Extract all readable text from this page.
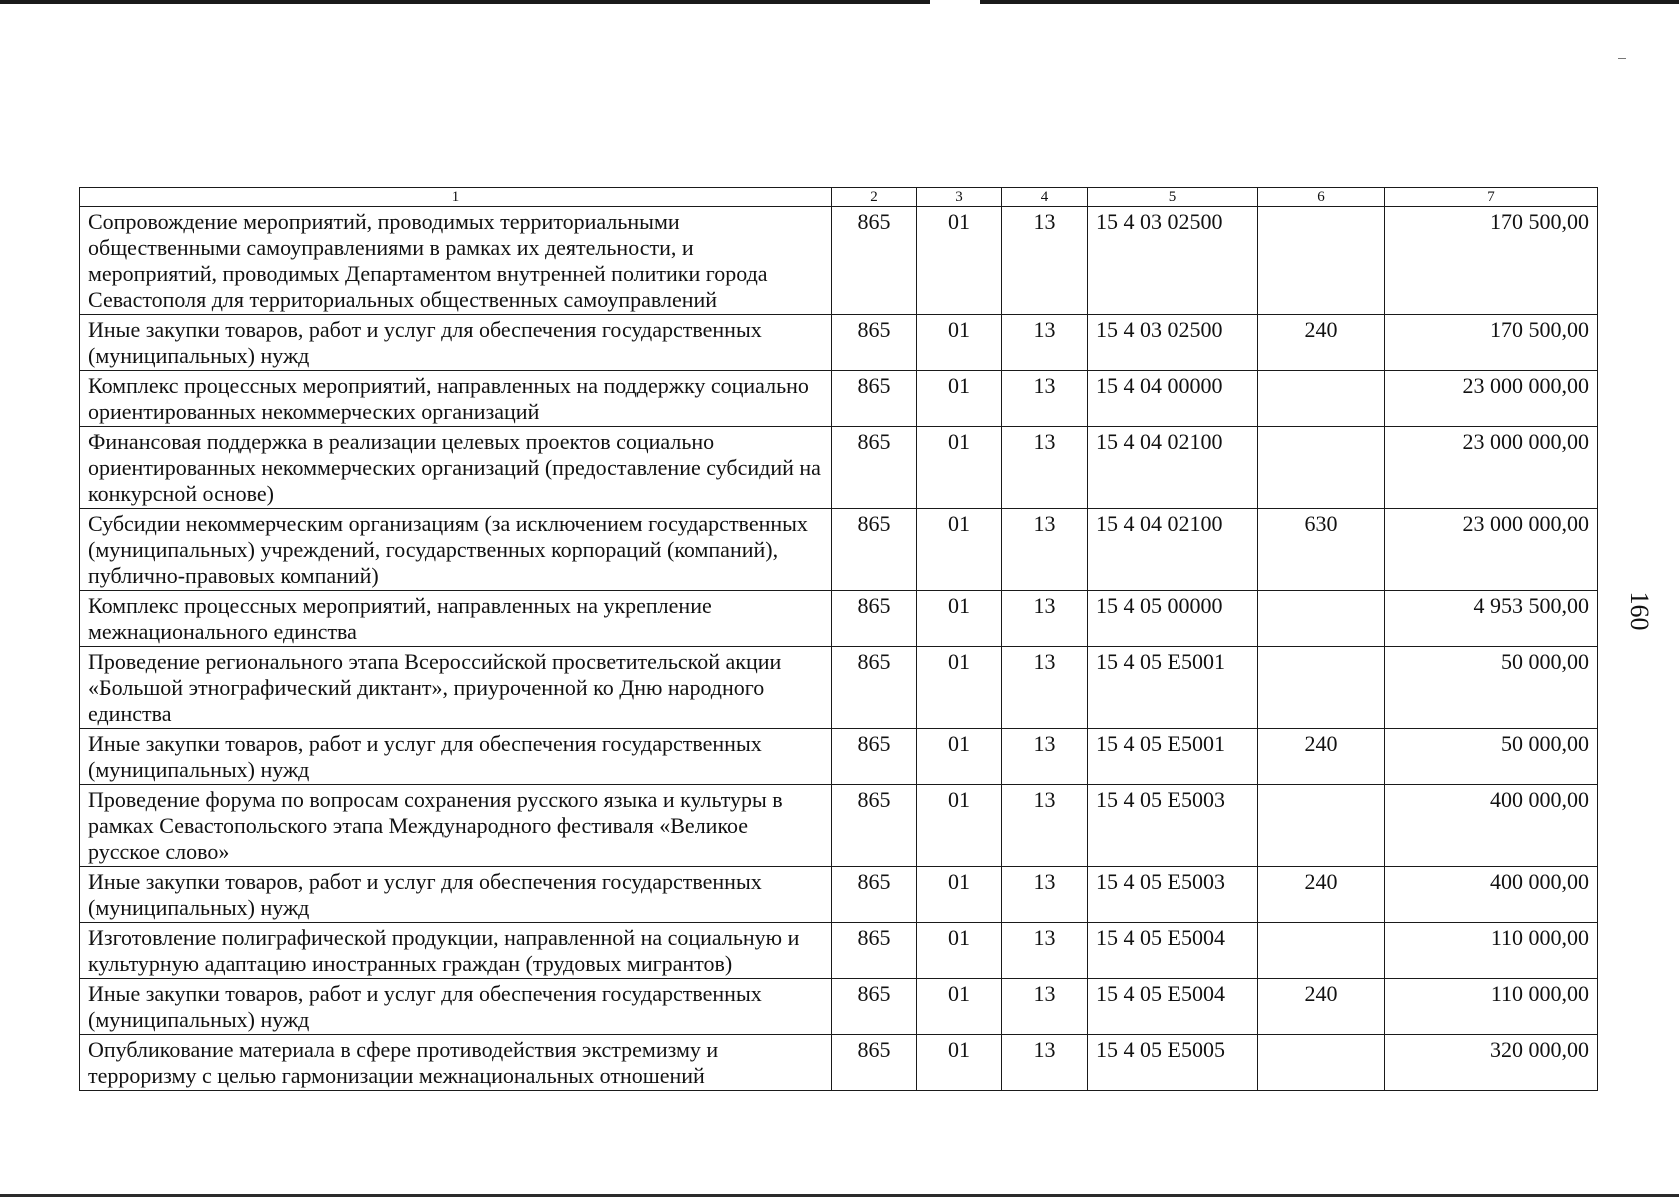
1	2	3	4	5	6	7
Сопровождение мероприятий, проводимых территориальными общественными самоуправлениями в рамках их деятельности, и мероприятий, проводимых Департаментом внутренней политики города Севастополя для территориальных общественных самоуправлений	865	01	13	15 4 03 02500		170 500,00
Иные закупки товаров, работ и услуг для обеспечения государственных (муниципальных) нужд	865	01	13	15 4 03 02500	240	170 500,00
Комплекс процессных мероприятий, направленных на поддержку социально ориентированных некоммерческих организаций	865	01	13	15 4 04 00000		23 000 000,00
Финансовая поддержка в реализации целевых проектов социально ориентированных некоммерческих организаций (предоставление субсидий на конкурсной основе)	865	01	13	15 4 04 02100		23 000 000,00
Субсидии некоммерческим организациям (за исключением государственных (муниципальных) учреждений, государственных корпораций (компаний), публично-правовых компаний)	865	01	13	15 4 04 02100	630	23 000 000,00
Комплекс процессных мероприятий, направленных на укрепление межнационального единства	865	01	13	15 4 05 00000		4 953 500,00
Проведение регионального этапа Всероссийской просветительской акции «Большой этнографический диктант», приуроченной ко Дню народного единства	865	01	13	15 4 05 E5001		50 000,00
Иные закупки товаров, работ и услуг для обеспечения государственных (муниципальных) нужд	865	01	13	15 4 05 E5001	240	50 000,00
Проведение форума по вопросам сохранения русского языка и культуры в рамках Севастопольского этапа Международного фестиваля «Великое русское слово»	865	01	13	15 4 05 E5003		400 000,00
Иные закупки товаров, работ и услуг для обеспечения государственных (муниципальных) нужд	865	01	13	15 4 05 E5003	240	400 000,00
Изготовление полиграфической продукции, направленной на социальную и культурную адаптацию иностранных граждан (трудовых мигрантов)	865	01	13	15 4 05 E5004		110 000,00
Иные закупки товаров, работ и услуг для обеспечения государственных (муниципальных) нужд	865	01	13	15 4 05 E5004	240	110 000,00
Опубликование материала в сфере противодействия экстремизму и терроризму с целью гармонизации межнациональных отношений	865	01	13	15 4 05 E5005		320 000,00
160
